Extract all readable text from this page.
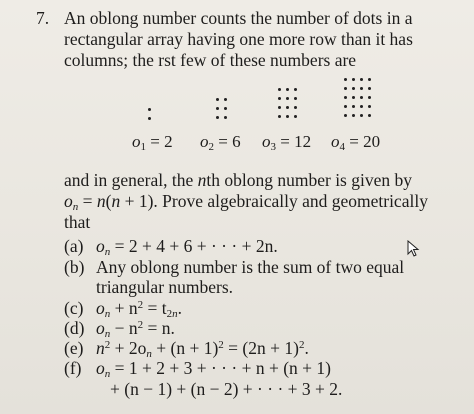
7. An oblong number counts the number of dots in a
rectangular array having one more row than it has
columns; the rst few of these numbers are
$o_1 = 2$ $o_2 = 6$ $o_3 = 12$ $o_4 = 20$
and in general, the nth oblong number is given by
$o_n = n(n + 1)$. Prove algebraically and geometrically
that
(a) $o_n = 2 + 4 + 6$ + · · · + 2n.
(b) Any oblong number is the sum of two equal
triangular numbers.
(c) $o_n + n^2 = t_{2n}$.
(d) $o_n - n^2 = n$.
(e) $n^2 + 2o_n + (n + 1)^2 = (2n + 1)^2$.
(f) $o_n = 1 + 2 + 3$ + · · · + n + (n + 1)
+ (n − 1) + (n − 2) + · · · + 3 + 2.
